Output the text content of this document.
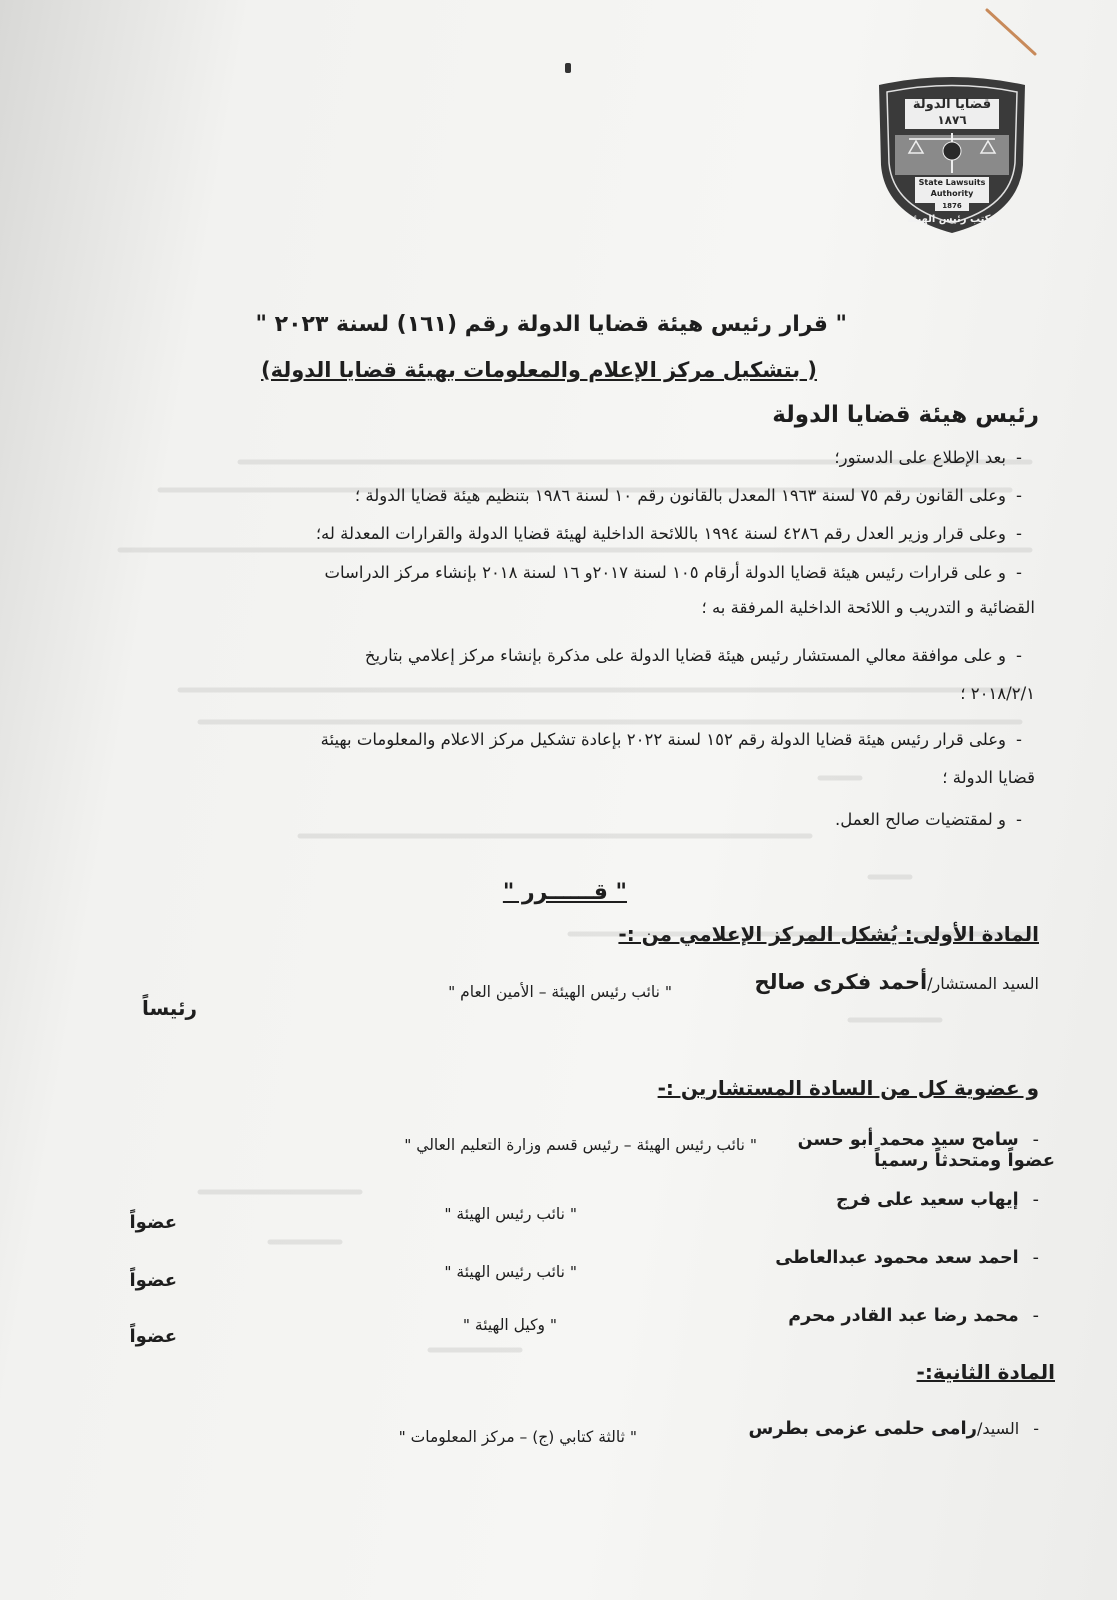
قضايا الدولة
١٨٧٦
State Lawsuits
Authority
1876
مكتب رئيس الهيئة
" قرار رئيس هيئة قضايا الدولة رقم (١٦١) لسنة ٢٠٢٣ "
( بتشكيل مركز الإعلام والمعلومات بهيئة قضايا الدولة)
رئيس هيئة قضايا الدولة
-بعد الإطلاع على الدستور؛
-وعلى القانون رقم ٧٥ لسنة ١٩٦٣ المعدل بالقانون رقم ١٠ لسنة ١٩٨٦ بتنظيم هيئة قضايا الدولة ؛
-وعلى قرار وزير العدل رقم ٤٢٨٦ لسنة ١٩٩٤ باللائحة الداخلية لهيئة قضايا الدولة والقرارات المعدلة له؛
-و على قرارات رئيس هيئة قضايا الدولة أرقام ١٠٥ لسنة ٢٠١٧و ١٦ لسنة ٢٠١٨ بإنشاء مركز الدراسات
القضائية و التدريب و اللائحة الداخلية المرفقة به ؛
-و على موافقة معالي المستشار رئيس هيئة قضايا الدولة على مذكرة بإنشاء مركز إعلامي بتاريخ
٢٠١٨/٢/١ ؛
-وعلى قرار رئيس هيئة قضايا الدولة رقم ١٥٢ لسنة ٢٠٢٢ بإعادة تشكيل مركز الاعلام والمعلومات بهيئة
قضايا الدولة ؛
-و لمقتضيات صالح العمل.
" قــــــرر "
المادة الأولى: يُشكل المركز الإعلامي من :-
السيد المستشار/أحمد فكرى صالح
" نائب رئيس الهيئة – الأمين العام "
رئيساً
و عضوية كل من السادة المستشارين :-
-سامح سيد محمد أبو حسن
" نائب رئيس الهيئة – رئيس قسم وزارة التعليم العالي "
عضواً ومتحدثاً رسمياً
-إيهاب سعيد على فرج
" نائب رئيس الهيئة "
عضواً
-احمد سعد محمود عبدالعاطى
" نائب رئيس الهيئة "
عضواً
-محمد رضا عبد القادر محرم
" وكيل الهيئة "
عضواً
المادة الثانية:-
-السيد/رامى حلمى عزمى بطرس
" ثالثة كتابي (ج) – مركز المعلومات "
